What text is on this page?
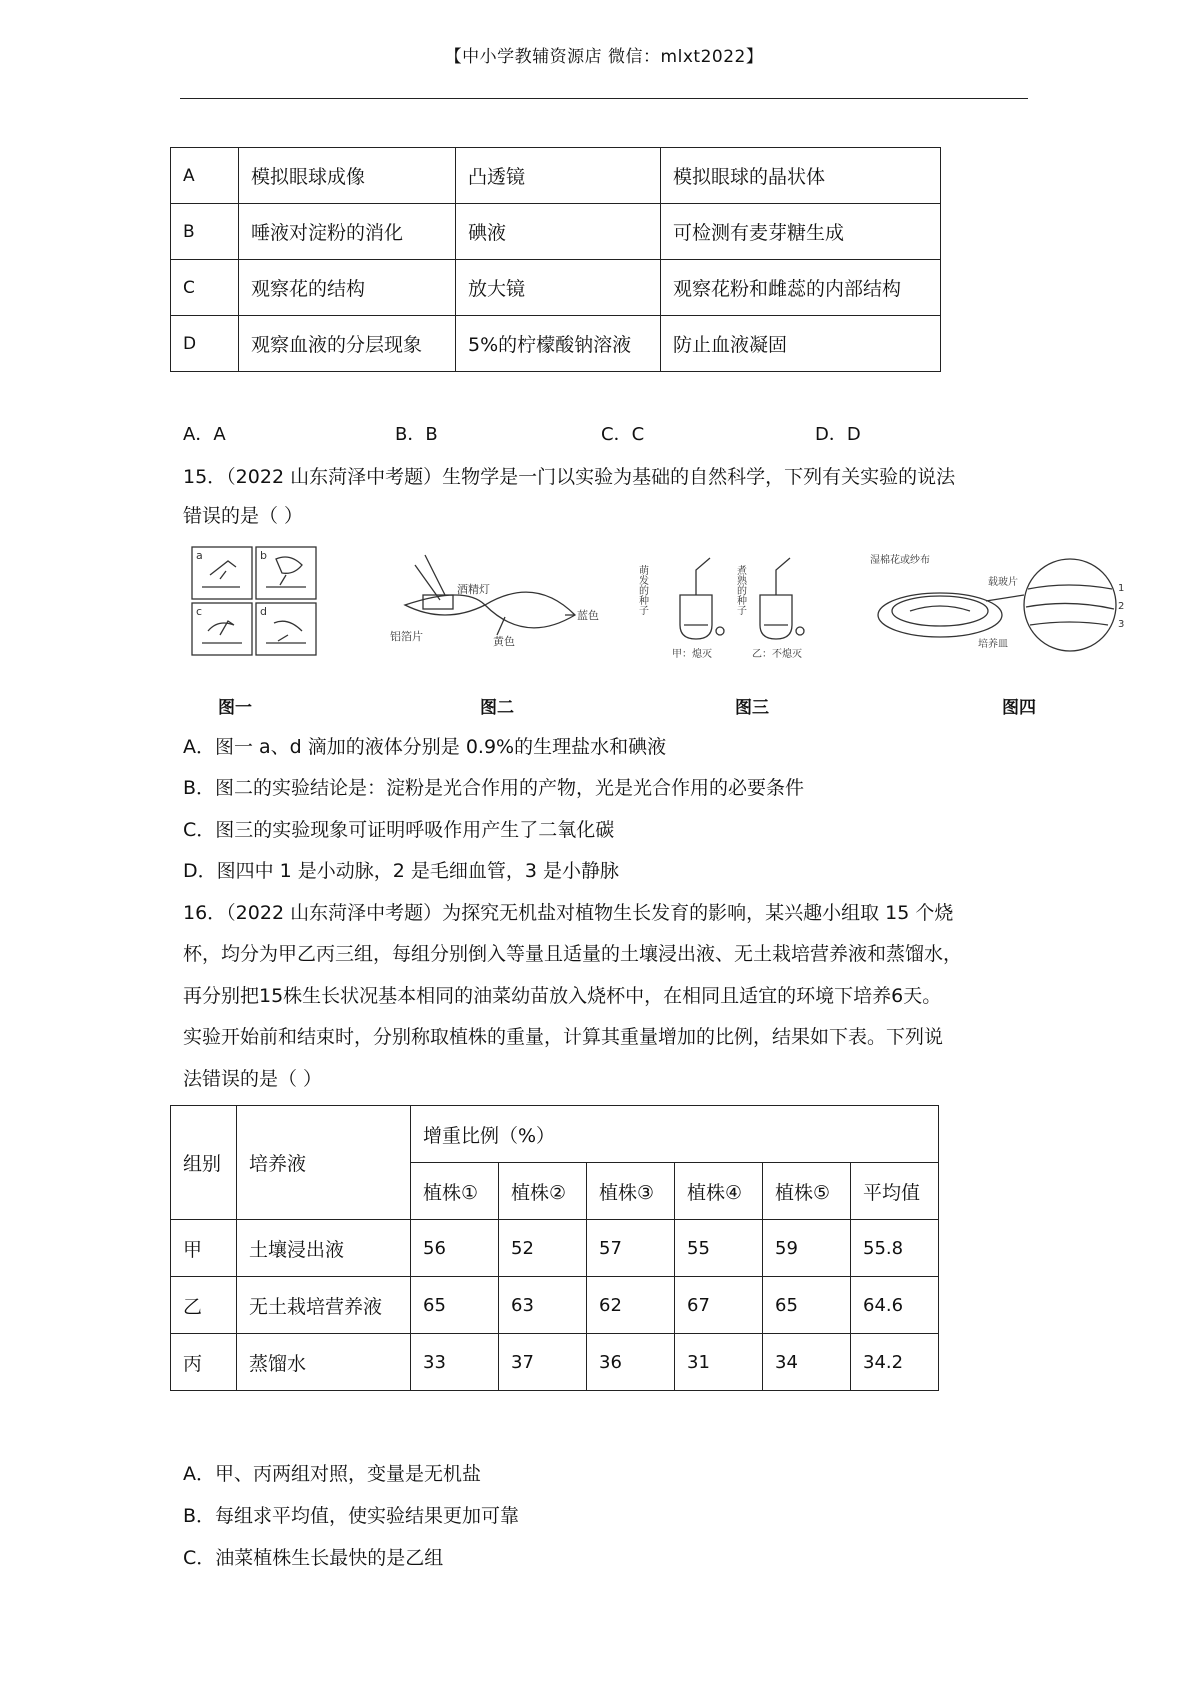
【中小学教辅资源店 微信：mlxt2022】
A	模拟眼球成像	凸透镜	模拟眼球的晶状体
B	唾液对淀粉的消化	碘液	可检测有麦芽糖生成
C	观察花的结构	放大镜	观察花粉和雌蕊的内部结构
D	观察血液的分层现象	5%的柠檬酸钠溶液	防止血液凝固
A．A	B．B	C．C	D．D
15．（2022 山东菏泽中考题）生物学是一门以实验为基础的自然科学，下列有关实验的说法
错误的是（ ）
a	b
c	d
铝箔片
酒精灯
蓝色
黄色
萌发的种子	煮熟的种子
甲：熄灭	乙：不熄灭
湿棉花或纱布
载玻片
培养皿
1
2
3
图一	图二	图三	图四
A．图一 a、d 滴加的液体分别是 0.9%的生理盐水和碘液
B．图二的实验结论是：淀粉是光合作用的产物，光是光合作用的必要条件
C．图三的实验现象可证明呼吸作用产生了二氧化碳
D．图四中 1 是小动脉，2 是毛细血管，3 是小静脉
16．（2022 山东菏泽中考题）为探究无机盐对植物生长发育的影响，某兴趣小组取 15 个烧
杯，均分为甲乙丙三组，每组分别倒入等量且适量的土壤浸出液、无土栽培营养液和蒸馏水，
再分别把15株生长状况基本相同的油菜幼苗放入烧杯中，在相同且适宜的环境下培养6天。
实验开始前和结束时，分别称取植株的重量，计算其重量增加的比例，结果如下表。下列说
法错误的是（ ）
组别	培养液	增重比例（%）					
		植株①	植株②	植株③	植株④	植株⑤	平均值
甲	土壤浸出液	56	52	57	55	59	55.8
乙	无土栽培营养液	65	63	62	67	65	64.6
丙	蒸馏水	33	37	36	31	34	34.2
A．甲、丙两组对照，变量是无机盐
B．每组求平均值，使实验结果更加可靠
C．油菜植株生长最快的是乙组
